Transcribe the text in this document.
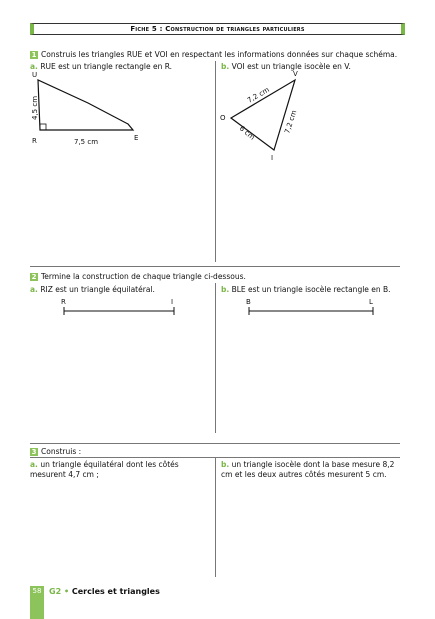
Fiche 5 : Construction de triangles particuliers
1 Construis les triangles RUE et VOI en respectant les informations données sur chaque schéma.
a. RUE est un triangle rectangle en R.	b. VOI est un triangle isocèle en V.
U
R	E
4,5 cm
7,5 cm
V
O
I
7,2 cm
7,2 cm
6 cm
2 Termine la construction de chaque triangle ci-dessous.
a. RIZ est un triangle équilatéral.	b. BLE est un triangle isocèle rectangle en B.
R	I	B	L
3 Construis :
a. un triangle équilatéral dont les côtés mesurent 4,7 cm ;
b. un triangle isocèle dont la base mesure 8,2 cm et les deux autres côtés mesurent 5 cm.
58 G2 • Cercles et triangles
